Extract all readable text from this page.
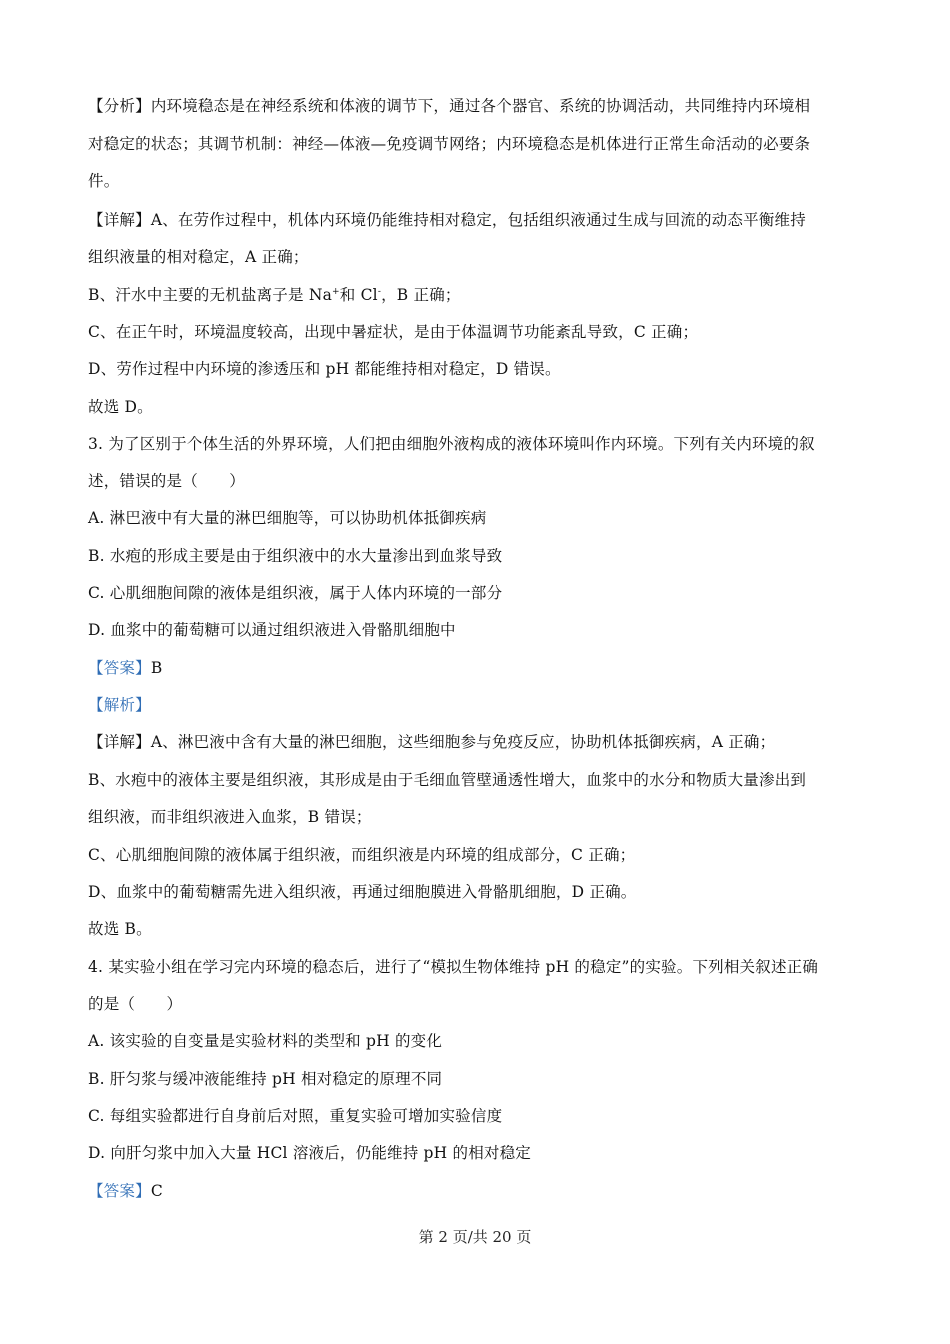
【分析】内环境稳态是在神经系统和体液的调节下，通过各个器官、系统的协调活动，共同维持内环境相
对稳定的状态；其调节机制：神经—体液—免疫调节网络；内环境稳态是机体进行正常生命活动的必要条
件。
【详解】A、在劳作过程中，机体内环境仍能维持相对稳定，包括组织液通过生成与回流的动态平衡维持
组织液量的相对稳定，A 正确；
B、汗水中主要的无机盐离子是 Na+和 Cl-，B 正确；
C、在正午时，环境温度较高，出现中暑症状，是由于体温调节功能紊乱导致，C 正确；
D、劳作过程中内环境的渗透压和 pH 都能维持相对稳定，D 错误。
故选 D。
3. 为了区别于个体生活的外界环境，人们把由细胞外液构成的液体环境叫作内环境。下列有关内环境的叙
述，错误的是（　　）
A. 淋巴液中有大量的淋巴细胞等，可以协助机体抵御疾病
B. 水疱的形成主要是由于组织液中的水大量渗出到血浆导致
C. 心肌细胞间隙的液体是组织液，属于人体内环境的一部分
D. 血浆中的葡萄糖可以通过组织液进入骨骼肌细胞中
【答案】B
【解析】
【详解】A、淋巴液中含有大量的淋巴细胞，这些细胞参与免疫反应，协助机体抵御疾病，A 正确；
B、水疱中的液体主要是组织液，其形成是由于毛细血管壁通透性增大，血浆中的水分和物质大量渗出到
组织液，而非组织液进入血浆，B 错误；
C、心肌细胞间隙的液体属于组织液，而组织液是内环境的组成部分，C 正确；
D、血浆中的葡萄糖需先进入组织液，再通过细胞膜进入骨骼肌细胞，D 正确。
故选 B。
4. 某实验小组在学习完内环境的稳态后，进行了“模拟生物体维持 pH 的稳定”的实验。下列相关叙述正确
的是（　　）
A. 该实验的自变量是实验材料的类型和 pH 的变化
B. 肝匀浆与缓冲液能维持 pH 相对稳定的原理不同
C. 每组实验都进行自身前后对照，重复实验可增加实验信度
D. 向肝匀浆中加入大量 HCl 溶液后，仍能维持 pH 的相对稳定
【答案】C
第 2 页/共 20 页
